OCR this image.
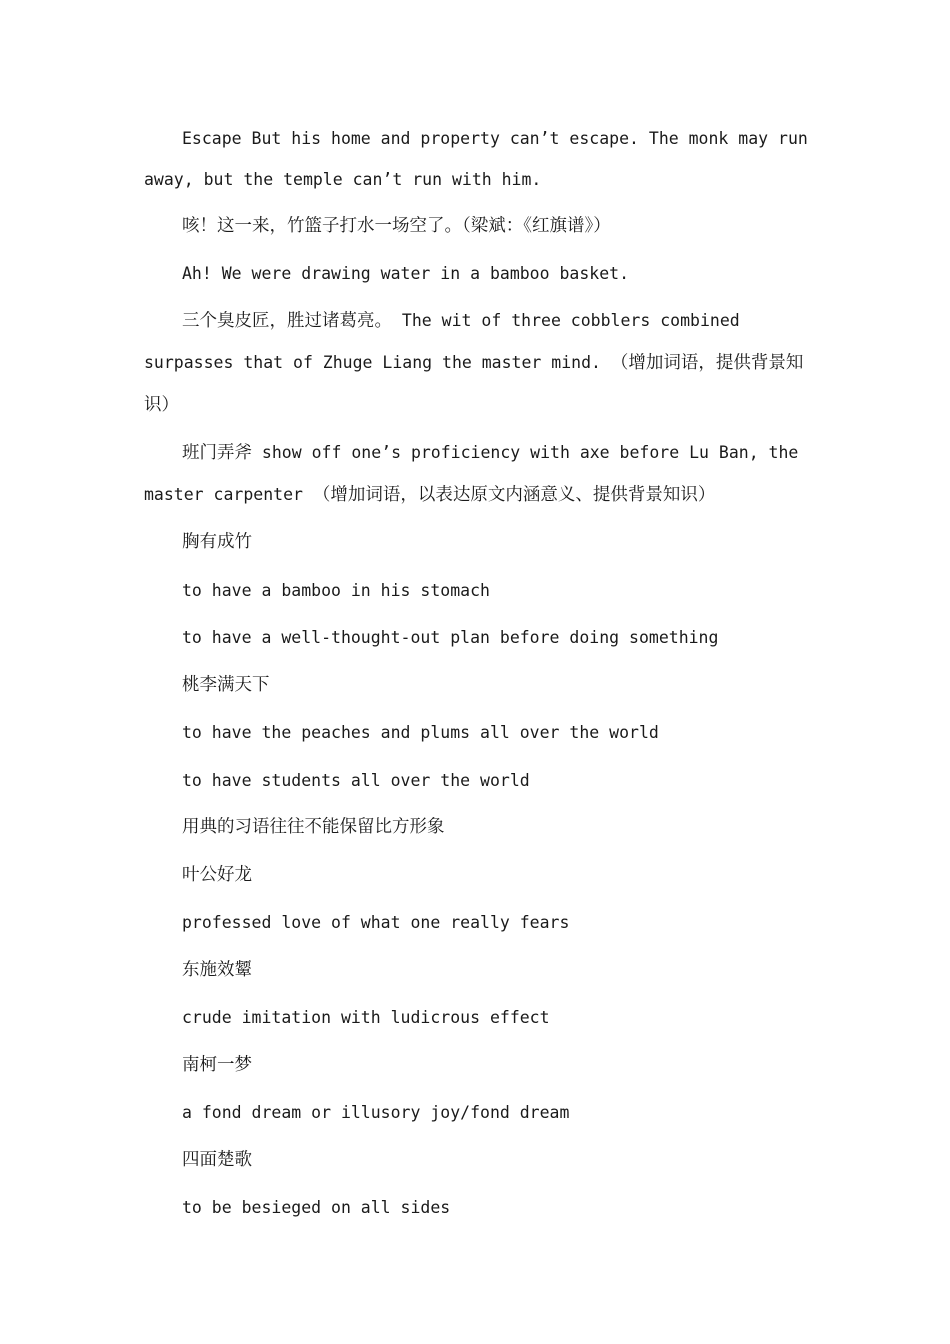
Escape But his home and property can’t escape. The monk may run away, but the temple can’t run with him.

咳！这一来，竹篮子打水一场空了。（梁斌：《红旗谱》）

Ah! We were drawing water in a bamboo basket.

三个臭皮匠，胜过诸葛亮。 The wit of three cobblers combined surpasses that of Zhuge Liang the master mind. （增加词语，提供背景知识）

班门弄斧 show off one’s proficiency with axe before Lu Ban, the master carpenter （增加词语，以表达原文内涵意义、提供背景知识）

胸有成竹

to have a bamboo in his stomach

to have a well-thought-out plan before doing something

桃李满天下

to have the peaches and plums all over the world

to have students all over the world

用典的习语往往不能保留比方形象

叶公好龙

professed love of what one really fears

东施效颦

crude imitation with ludicrous effect

南柯一梦

a fond dream or illusory joy/fond dream

四面楚歌

to be besieged on all sides
